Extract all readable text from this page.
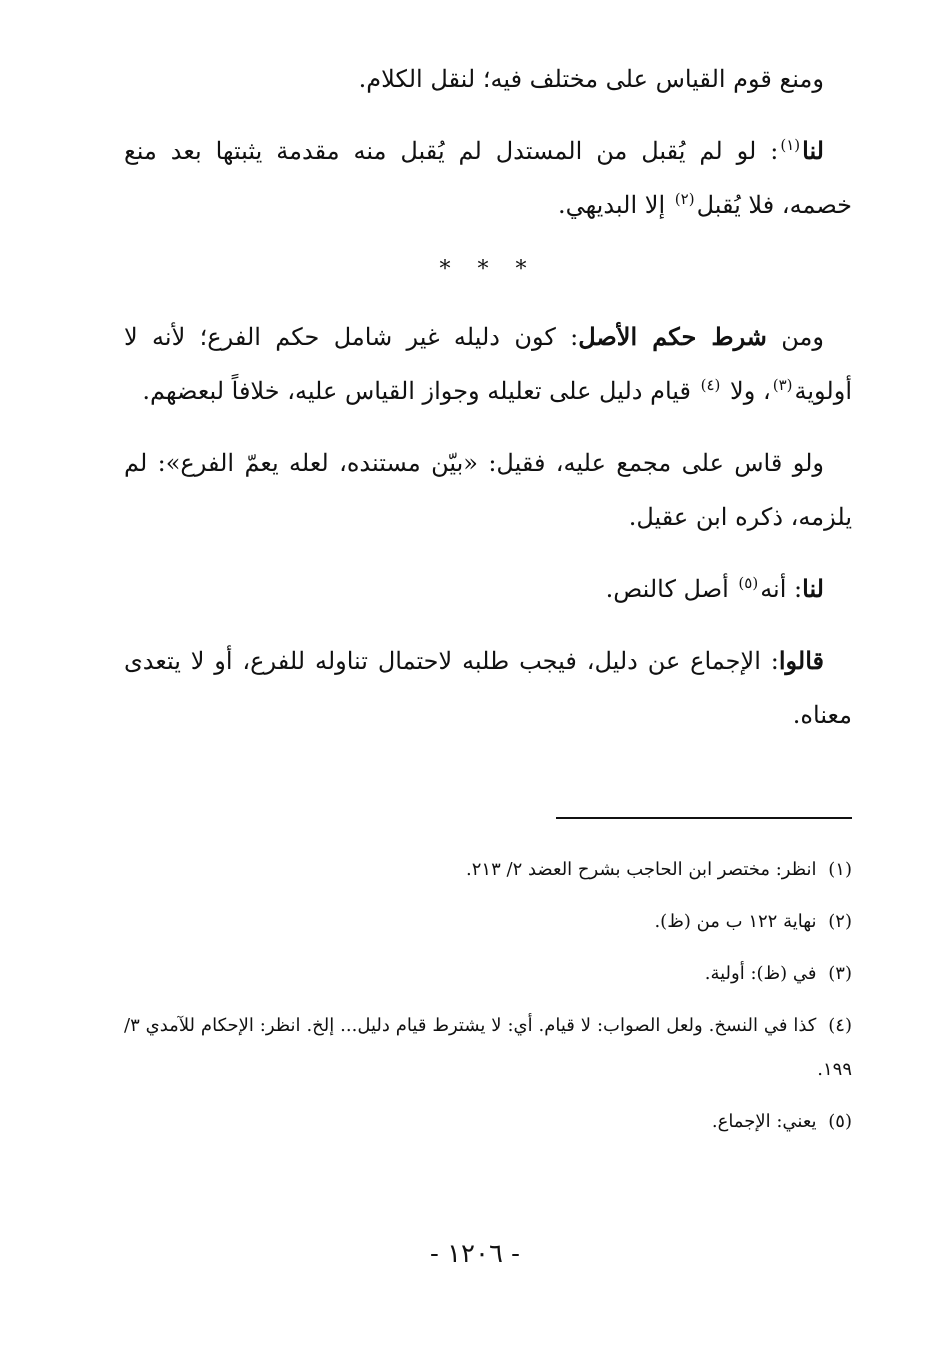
ومنع قوم القياس على مختلف فيه؛ لنقل الكلام.

لنا$^{(١)}$: لو لم يُقبل من المستدل لم يُقبل منه مقدمة يثبتها بعد منع خصمه، فلا يُقبل$^{(٢)}$ إلا البديهي.

* * *

ومن شرط حكم الأصل: كون دليله غير شامل حكم الفرع؛ لأنه لا أولوية$^{(٣)}$، ولا $^{(٤)}$ قيام دليل على تعليله وجواز القياس عليه، خلافاً لبعضهم.

ولو قاس على مجمع عليه، فقيل: «بيّن مستنده، لعله يعمّ الفرع»: لم يلزمه، ذكره ابن عقيل.

لنا: أنه$^{(٥)}$ أصل كالنص.

قالوا: الإجماع عن دليل، فيجب طلبه لاحتمال تناوله للفرع، أو لا يتعدى معناه.

(١) انظر: مختصر ابن الحاجب بشرح العضد ٢/ ٢١٣.

(٢) نهاية ١٢٢ ب من (ظ).

(٣) في (ظ): أولية.

(٤) كذا في النسخ. ولعل الصواب: لا قيام. أي: لا يشترط قيام دليل... إلخ. انظر: الإحكام للآمدي ٣/ ١٩٩.

(٥) يعني: الإجماع.

- ١٢٠٦ -
